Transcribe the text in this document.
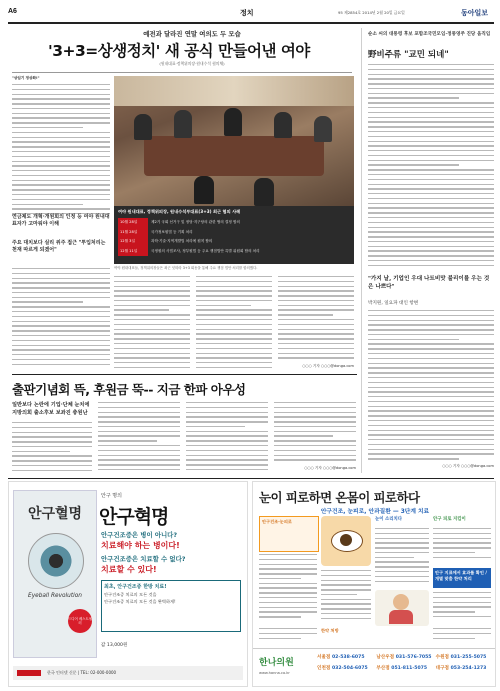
A6	정치	95 제2854호 2014년 2월 20일 금요일	동아일보
예전과 달라진 연말 여의도 두 모습
'3+3=상생정치' 새 공식 만들어낸 여야
(원내대표·정책위의장·원내수석 협의체)
"상임기 정상화!"
연금제도 개혁·개원회의 인정 등 여야 원내대표자가 고마워야 이해
주요 대치보다 실리 위주 접근 "투입처리는 천재 따르게 되겠어"
여야 원내대표, 정책위의장, 원내수석부대표(3+3) 최근 협의 사례
10월 28일	제2기 국회 선거구 및 정당·지구당의 관한 협의 결정 합의
11월 28일	국가정보원법 등 기획 처리
12월 3일	과학·기술·지역개발법 처리에 원칙 합의
12월 11일	국정원의 사법조사, 정부원법 등 주요 쟁점법안 특별 위원회 합의 처리
여야 원내대표들, 정책위의장들은 최근 잇따라 3+3 회동을 통해 주요 쟁점 법안 처리를 합의했다.
○○○ 기자 ○○○@donga.com
순소 씨의 대통령 후보 포함조국민모임·정통영주 진당 움직임
野비주류 "교민 되네"
"가지 날, 기업인 우대 나트비맛 불리이를 우는 것은 나쁘다"
박지원, 일요파 대인 항변
○○○ 기자 ○○○@donga.com
출판기념회 뜩, 후원금 뚝-- 지금 한파 아우성
일반보다 논란에 기업·단체 눈치에
지방의회 출소후보 보좌진 충원난
○○○ 기자 ○○○@donga.com
안구혈명
Eyeball Revolution
드디어 베스트셀러
안구 명의
안구혁명
안구건조증은 병이 아니다?
치료해야 하는 병이다!
안구건조증은 치료할 수 없다?
치료할 수 있다!
최초, 안구건조증 한방 치료!
안구건조증 치료의 모든 것을
안구건조증 치료의 모든 것을 완벽하게!
값 13,000원
한국 인터넷 신문 | TEL: 02-000-0000
눈이 피로하면 온몸이 피로하다
안구건조, 눈피로, 안과질환 — 3단계 치료
안구건조·눈피로	눈이 소리치다	안구 피로 지킴이
안구 지료에서 효과를 확인 / 개별 맞춤 한약 처리
한약 처방
한나의원
www.hanna.co.kr
서울점 02-538-6075	남산우점 031-576-7055 수원점 031-255-5075
인천점 032-504-6075	부산점 051-811-5075	대구점 053-254-1273
